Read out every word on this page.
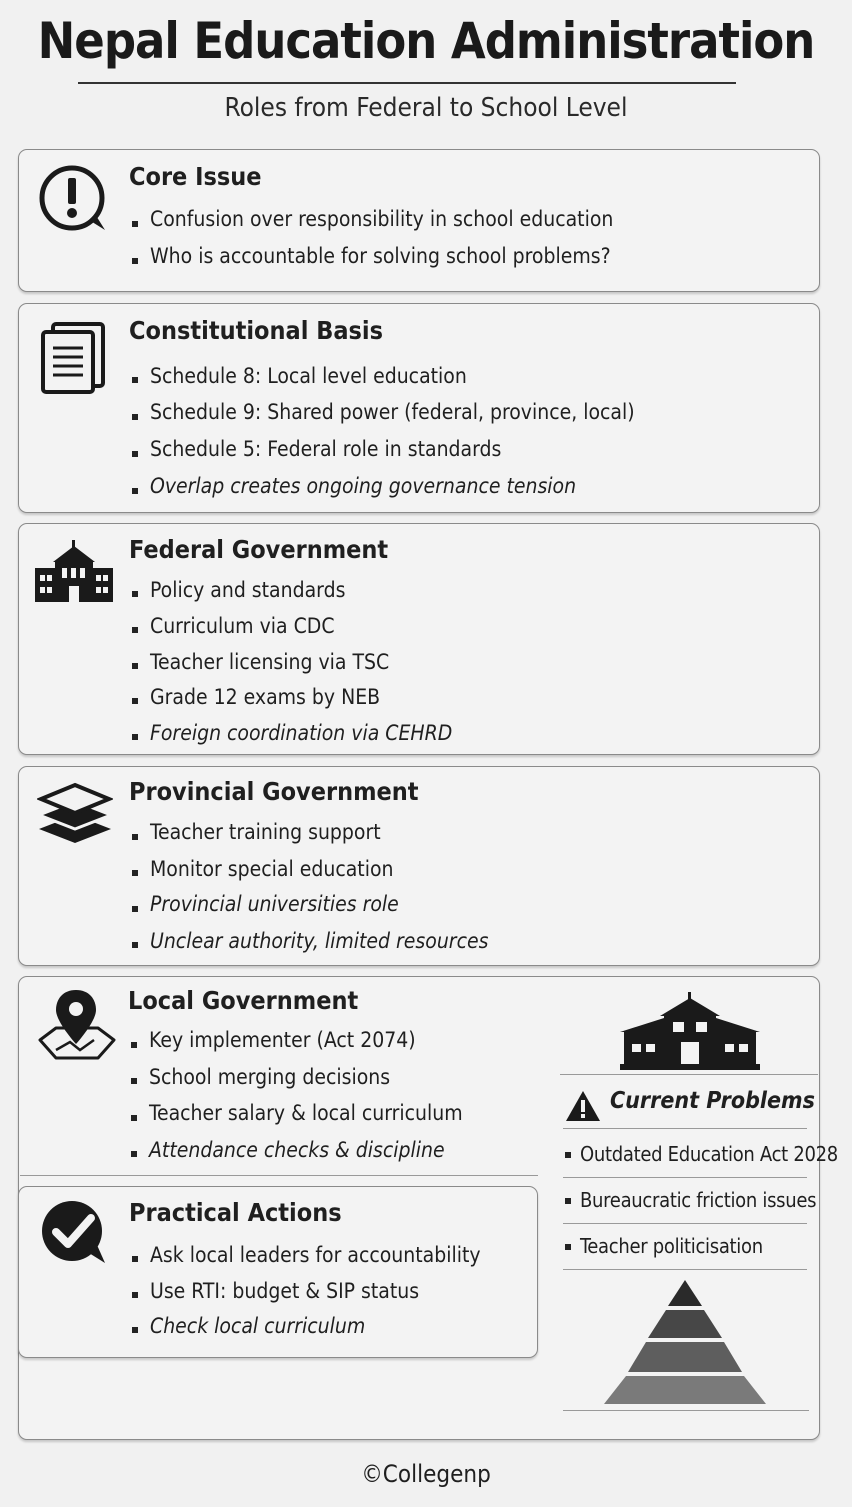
Nepal Education Administration
Roles from Federal to School Level
Core Issue
Confusion over responsibility in school education
Who is accountable for solving school problems?
Constitutional Basis
Schedule 8: Local level education
Schedule 9: Shared power (federal, province, local)
Schedule 5: Federal role in standards
Overlap creates ongoing governance tension
Federal Government
Policy and standards
Curriculum via CDC
Teacher licensing via TSC
Grade 12 exams by NEB
Foreign coordination via CEHRD
Provincial Government
Teacher training support
Monitor special education
Provincial universities role
Unclear authority, limited resources
Local Government
Key implementer (Act 2074)
School merging decisions
Teacher salary & local curriculum
Attendance checks & discipline
Practical Actions
Ask local leaders for accountability
Use RTI: budget & SIP status
Check local curriculum
Current Problems
Outdated Education Act 2028
Bureaucratic friction issues
Teacher politicisation
©Collegenp
